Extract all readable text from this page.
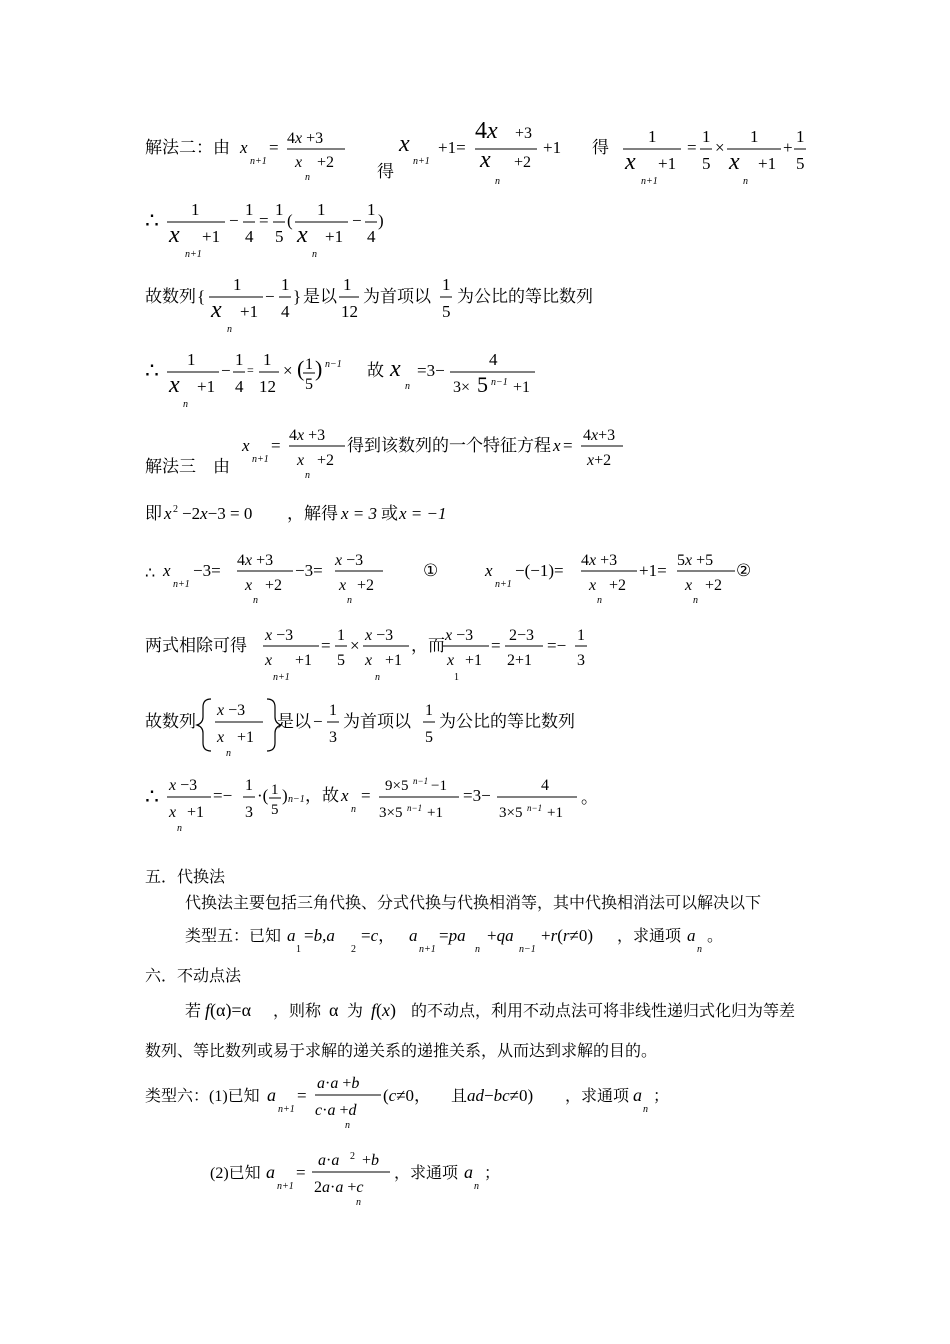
解法二：由 x
n+1
= 4x +3
x +2
n	得
x
n+1
+1=
4x +3
x +2
n
+1 得
1
x +1
n+1
=
1
5
×
1
x +1
n
+
1
5
∴ 1
x +1
n+1
−
1
4
=
1
5
(
1
x +1
n
−
1
4
)
故数列 {
1
x +1
n
−
1
4
} 是以
1
12
为首项以
1
5
为公比的等比数列
∴ 1
x +1
n
−
1
4
=
1
12
× ( 1
5
) n−1 故 x
n
=3−
4
3× 5 n−1 +1
解法三　由
x
n+1
=
4x +3
x +2
n
得到该数列的一个特征方程 x =
4x+3
x+2
即 x 2 −2x−3 = 0 ，解得 x = 3 或 x = −1
∴ x
n+1
−3=
4x +3
x +2
n
−3=
x −3
x +2
n
①	x
n+1
−(−1)=
4x +3
x +2
n
+1=
5x +5
x +2
n
②
两式相除可得
x −3
x +1
n+1
=
1
5
×
x −3
x +1
n
，而
x −3
x +1
1
=
2−3
2+1
=−
1
3
故数列
x −3
x +1
n
是以 −
1
3
为首项以
1
5
为公比的等比数列
∴ x −3
x +1
n
=−
1
3
·( 1
5
) n−1 ，故 x
n
= 9×5 n−1 −1
3×5 n−1 +1
=3−
4
3×5 n−1 +1
。
五．代换法
代换法主要包括三角代换、分式代换与代换相消等，其中代换相消法可以解决以下
类型五：已知 a
1
=b,a
2
=c， a
n+1
=pa
n
+qa
n−1
+r(r≠0) ，求通项 a
n
。
六．不动点法
若 f(α)=α ，则称 α 为 f(x) 的不动点，利用不动点法可将非线性递归式化归为等差
数列、等比数列或易于求解的递关系的递推关系，从而达到求解的目的。
类型六：(1)已知 a
n+1
=
a·a +b
c·a +d
n
(c≠0， 且 ad−bc≠0) ，求通项 a
n
；
(2)已知 a
n+1
=
a·a 2 +b
2a·a +c
n
，求通项 a
n
；
